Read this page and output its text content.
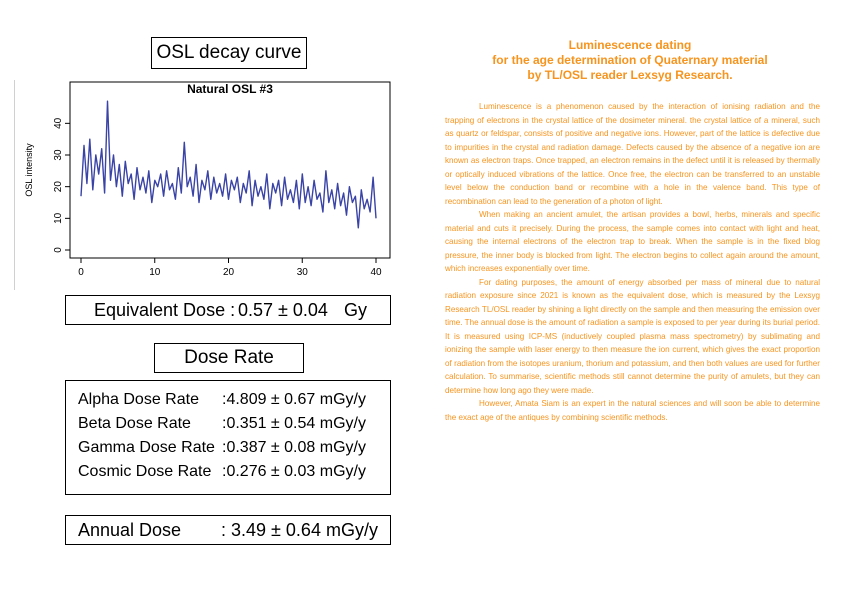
OSL decay curve
Natural OSL #3
OSL intensity
0	10	20	30	40
0
10
20
30
40
Equivalent Dose : 0.57 ± 0.04 Gy
Dose Rate
Alpha Dose Rate :4.809 ± 0.67 mGy/y
Beta Dose Rate :0.351 ± 0.54 mGy/y
Gamma Dose Rate :0.387 ± 0.08 mGy/y
Cosmic Dose Rate :0.276 ± 0.03 mGy/y
Annual Dose : 3.49 ± 0.64 mGy/y
Luminescence dating
for the age determination of Quaternary material
by TL/OSL reader Lexsyg Research.

Luminescence is a phenomenon caused by the interaction of ionising radiation and the trapping of electrons in the crystal lattice of the dosimeter mineral. the crystal lattice of a mineral, such as quartz or feldspar, consists of positive and negative ions. However, part of the lattice is defective due to impurities in the crystal and radiation damage. Defects caused by the absence of a negative ion are known as electron traps. Once trapped, an electron remains in the defect until it is released by thermally or optically induced vibrations of the lattice. Once free, the electron can be transferred to an unstable level below the conduction band or recombine with a hole in the valence band. This type of recombination can lead to the generation of a photon of light.

When making an ancient amulet, the artisan provides a bowl, herbs, minerals and specific material and cuts it precisely. During the process, the sample comes into contact with light and heat, causing the internal electrons of the electron trap to break. When the sample is in the fixed blog pressure, the inner body is blocked from light. The electron begins to collect again around the amount, which increases exponentially over time.

For dating purposes, the amount of energy absorbed per mass of mineral due to natural radiation exposure since 2021 is known as the equivalent dose, which is measured by the Lexsyg Research TL/OSL reader by shining a light directly on the sample and then measuring the emission over time. The annual dose is the amount of radiation a sample is exposed to per year during its burial period. It is measured using ICP-MS (inductively coupled plasma mass spectrometry) by sublimating and ionizing the sample with laser energy to then measure the ion current, which gives the exact proportion of radiation from the isotopes uranium, thorium and potassium, and then both values are used for further calculation. To summarise, scientific methods still cannot determine the purity of amulets, but they can determine how long ago they were made.

However, Amata Siam is an expert in the natural sciences and will soon be able to determine the exact age of the antiques by combining scientific methods.
